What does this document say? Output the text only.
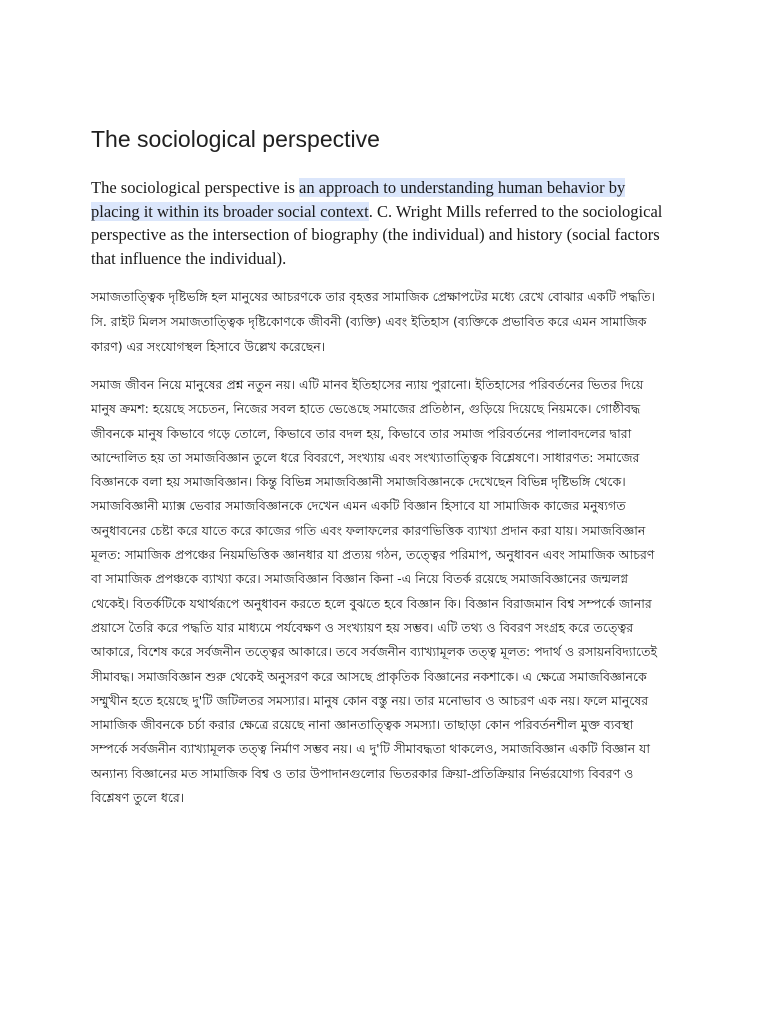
The sociological perspective

The sociological perspective is an approach to understanding human behavior by placing it within its broader social context. C. Wright Mills referred to the sociological perspective as the intersection of biography (the individual) and history (social factors that influence the individual).

সমাজতাত্ত্বিক দৃষ্টিভঙ্গি হল মানুষের আচরণকে তার বৃহত্তর সামাজিক প্রেক্ষাপটের মধ্যে রেখে বোঝার একটি পদ্ধতি। সি. রাইট মিলস সমাজতাত্ত্বিক দৃষ্টিকোণকে জীবনী (ব্যক্তি) এবং ইতিহাস (ব্যক্তিকে প্রভাবিত করে এমন সামাজিক কারণ) এর সংযোগস্থল হিসাবে উল্লেখ করেছেন।

সমাজ জীবন নিয়ে মানুষের প্রশ্ন নতুন নয়। এটি মানব ইতিহাসের ন্যায় পুরানো। ইতিহাসের পরিবর্তনের ভিতর দিয়ে মানুষ ক্রমশ: হয়েছে সচেতন, নিজের সবল হাতে ভেঙেছে সমাজের প্রতিষ্ঠান, গুড়িয়ে দিয়েছে নিয়মকে। গোষ্ঠীবদ্ধ জীবনকে মানুষ কিভাবে গড়ে তোলে, কিভাবে তার বদল হয়, কিভাবে তার সমাজ পরিবর্তনের পালাবদলের দ্বারা আন্দোলিত হয় তা সমাজবিজ্ঞান তুলে ধরে বিবরণে, সংখ্যায় এবং সংখ্যাতাত্ত্বিক বিশ্লেষণে। সাধারণত: সমাজের বিজ্ঞানকে বলা হয় সমাজবিজ্ঞান। কিন্তু বিভিন্ন সমাজবিজ্ঞানী সমাজবিজ্ঞানকে দেখেছেন বিভিন্ন দৃষ্টিভঙ্গি থেকে। সমাজবিজ্ঞানী ম্যাক্স ভেবার সমাজবিজ্ঞানকে দেখেন এমন একটি বিজ্ঞান হিসাবে যা সামাজিক কাজের মনুষ্যগত অনুধাবনের চেষ্টা করে যাতে করে কাজের গতি এবং ফলাফলের কারণভিত্তিক ব্যাখ্যা প্রদান করা যায়। সমাজবিজ্ঞান মূলত: সামাজিক প্রপঞ্চের নিয়মভিত্তিক জ্ঞানধার যা প্রত্যয় গঠন, তত্ত্বের পরিমাপ, অনুধাবন এবং সামাজিক আচরণ বা সামাজিক প্রপঞ্চকে ব্যাখ্যা করে। সমাজবিজ্ঞান বিজ্ঞান কিনা -এ নিয়ে বিতর্ক রয়েছে সমাজবিজ্ঞানের জন্মলগ্ন থেকেই। বিতর্কটিকে যথার্থরূপে অনুধাবন করতে হলে বুঝতে হবে বিজ্ঞান কি। বিজ্ঞান বিরাজমান বিশ্ব সম্পর্কে জানার প্রয়াসে তৈরি করে পদ্ধতি যার মাধ্যমে পর্যবেক্ষণ ও সংখ্যায়ণ হয় সম্ভব। এটি তথ্য ও বিবরণ সংগ্রহ করে তত্ত্বের আকারে, বিশেষ করে সর্বজনীন তত্ত্বের আকারে। তবে সর্বজনীন ব্যাখ্যামূলক তত্ত্ব মূলত: পদার্থ ও রসায়নবিদ্যাতেই সীমাবদ্ধ। সমাজবিজ্ঞান শুরু থেকেই অনুসরণ করে আসছে প্রাকৃতিক বিজ্ঞানের নকশাকে। এ ক্ষেত্রে সমাজবিজ্ঞানকে সম্মুখীন হতে হয়েছে দু'টি জটিলতর সমস্যার। মানুষ কোন বস্তু নয়। তার মনোভাব ও আচরণ এক নয়। ফলে মানুষের সামাজিক জীবনকে চর্চা করার ক্ষেত্রে রয়েছে নানা জ্ঞানতাত্ত্বিক সমস্যা। তাছাড়া কোন পরিবর্তনশীল মুক্ত ব্যবস্থা সম্পর্কে সর্বজনীন ব্যাখ্যামূলক তত্ত্ব নির্মাণ সম্ভব নয়। এ দু'টি সীমাবদ্ধতা থাকলেও, সমাজবিজ্ঞান একটি বিজ্ঞান যা অন্যান্য বিজ্ঞানের মত সামাজিক বিশ্ব ও তার উপাদানগুলোর ভিতরকার ক্রিয়া-প্রতিক্রিয়ার নির্ভরযোগ্য বিবরণ ও বিশ্লেষণ তুলে ধরে।
